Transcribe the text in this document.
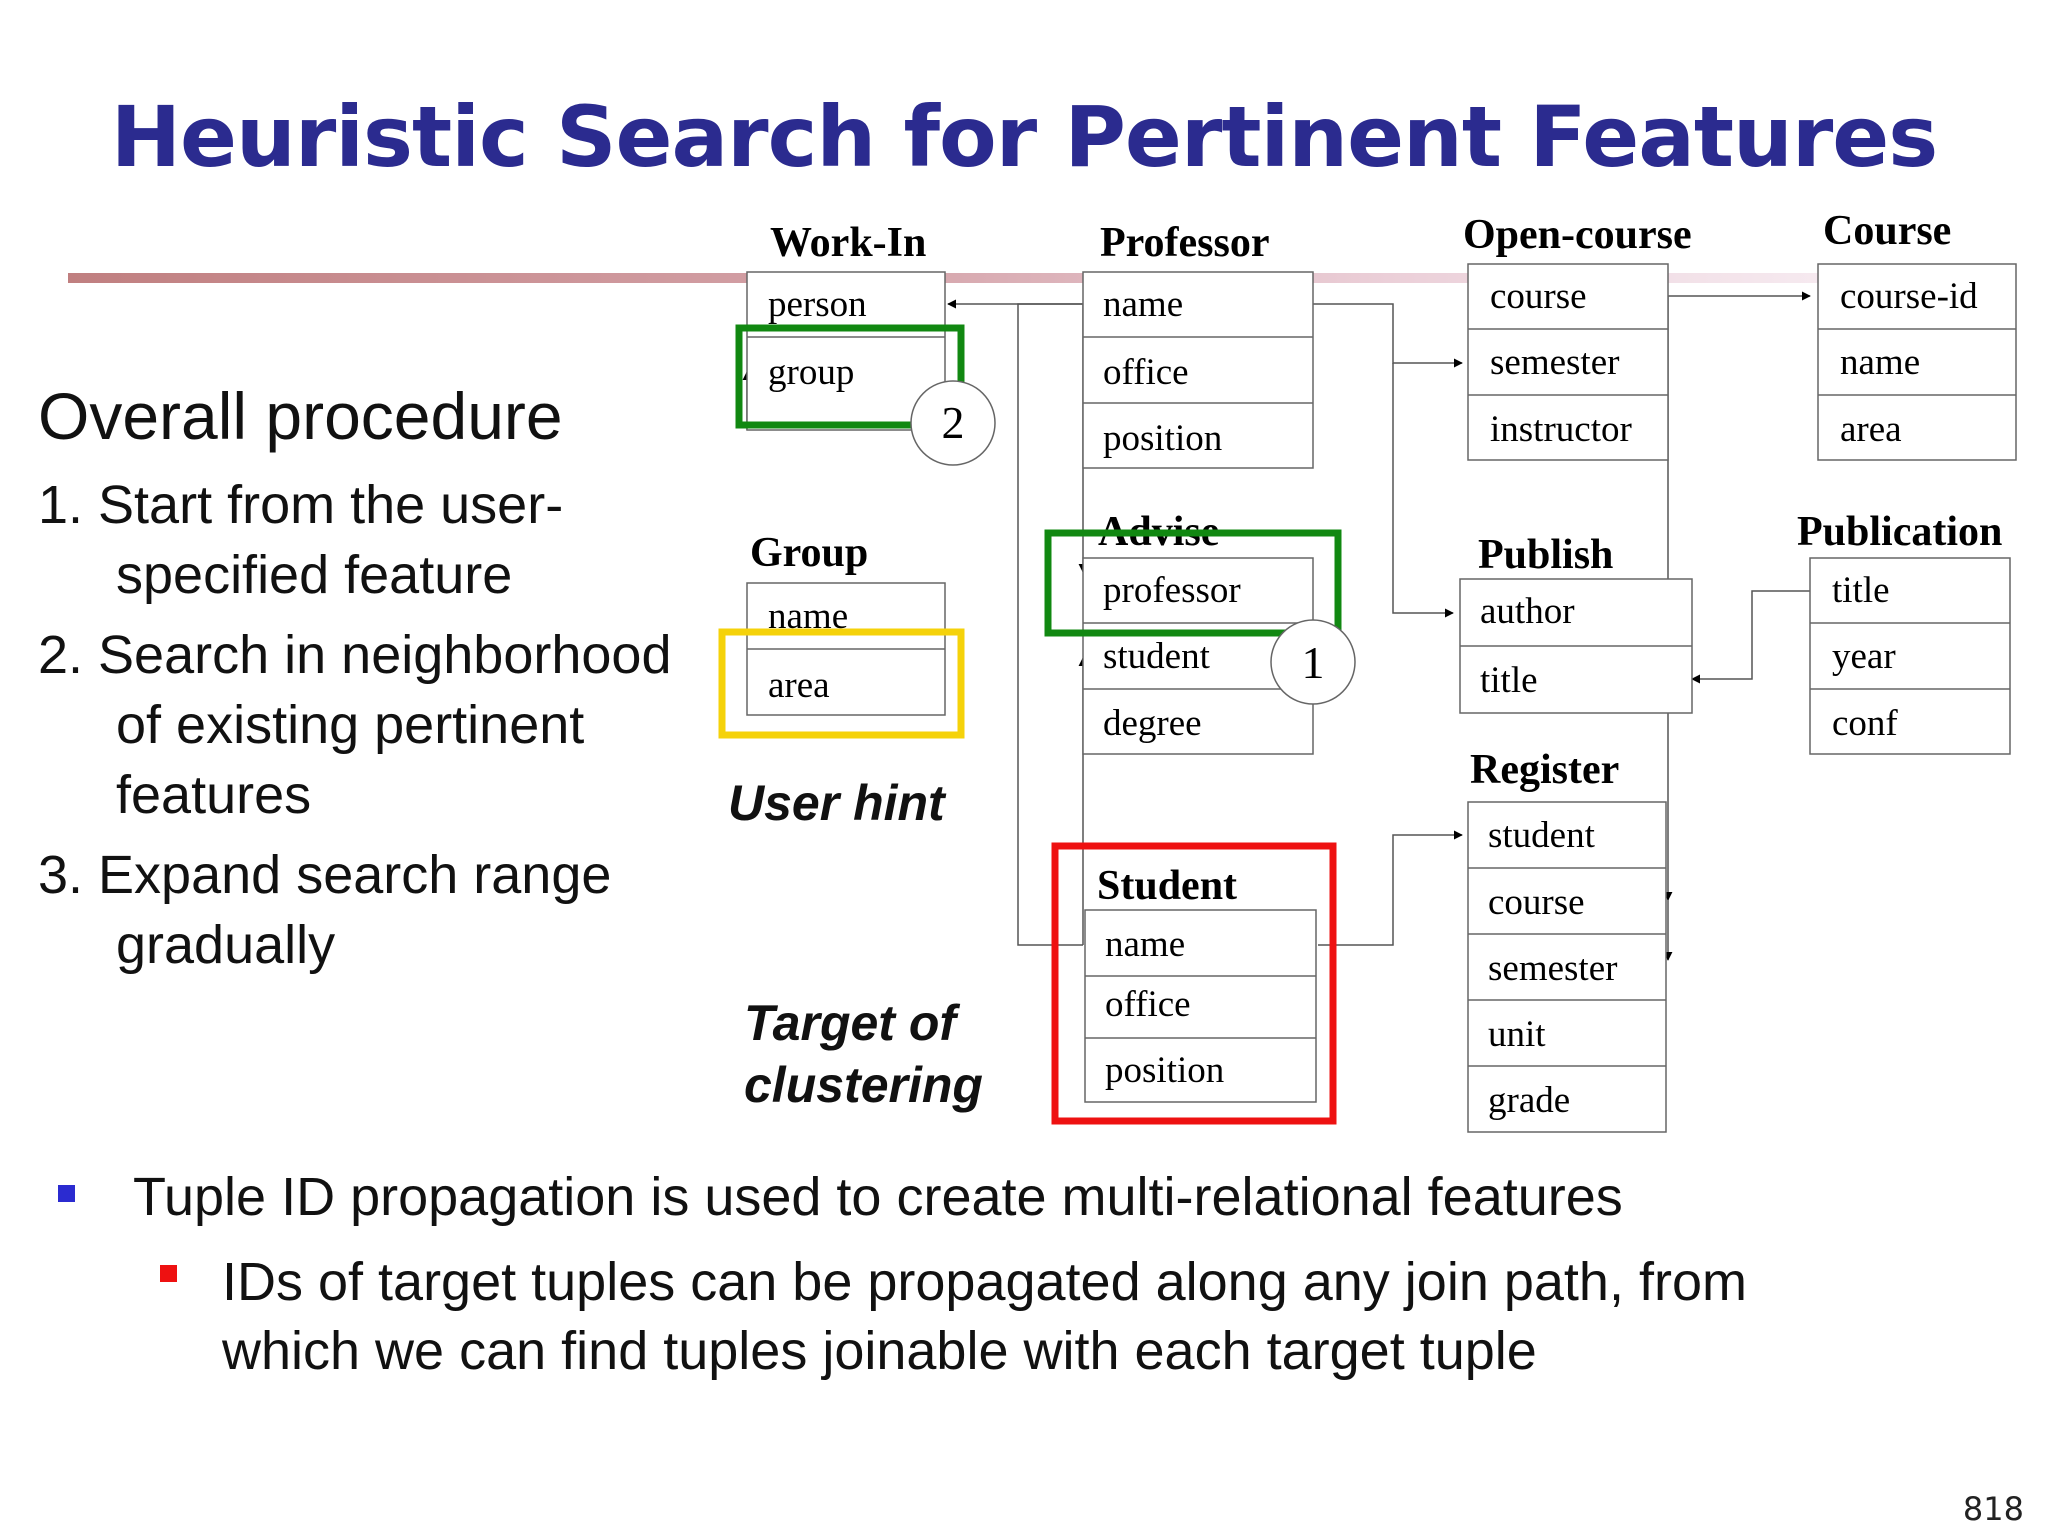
Heuristic Search for Pertinent Features
Overall procedure
1. Start from the user-
specified feature
2. Search in neighborhood
of existing pertinent
features
3. Expand search range
gradually
User hint
Target of
clustering
Work-In	Professor	Open-course	Course
Group	Advise	Publish	Publication
Register
Student
person
group
name
office
position
course
semester
instructor
course-id
name
area
name
area
professor
student
degree
author
title
title
year
conf
student
course
semester
unit
grade
name
office
position
2
1
Tuple ID propagation is used to create multi-relational features
IDs of target tuples can be propagated along any join path, from
which we can find tuples joinable with each target tuple
818
